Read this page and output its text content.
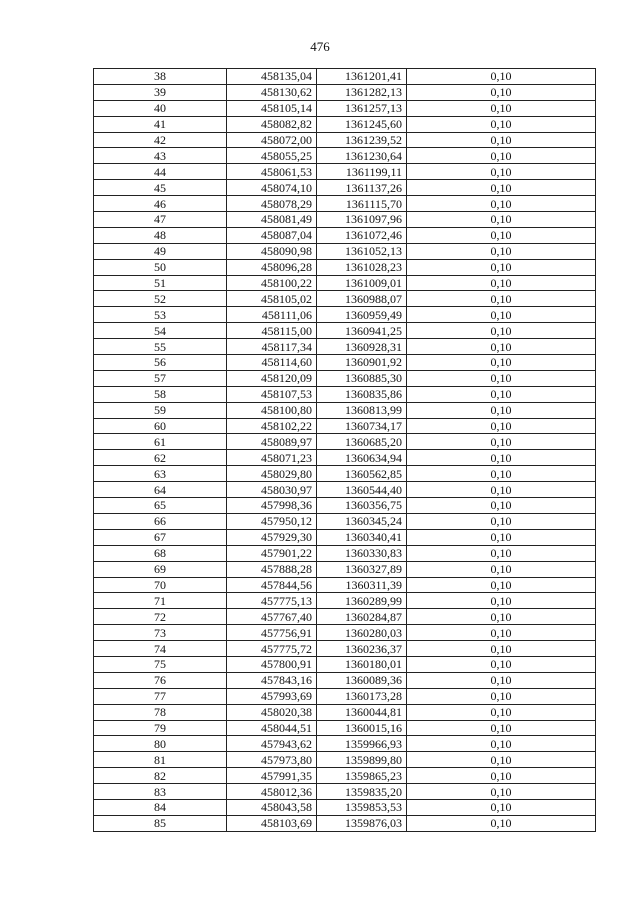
476
38	458135,04	1361201,41	0,10
39	458130,62	1361282,13	0,10
40	458105,14	1361257,13	0,10
41	458082,82	1361245,60	0,10
42	458072,00	1361239,52	0,10
43	458055,25	1361230,64	0,10
44	458061,53	1361199,11	0,10
45	458074,10	1361137,26	0,10
46	458078,29	1361115,70	0,10
47	458081,49	1361097,96	0,10
48	458087,04	1361072,46	0,10
49	458090,98	1361052,13	0,10
50	458096,28	1361028,23	0,10
51	458100,22	1361009,01	0,10
52	458105,02	1360988,07	0,10
53	458111,06	1360959,49	0,10
54	458115,00	1360941,25	0,10
55	458117,34	1360928,31	0,10
56	458114,60	1360901,92	0,10
57	458120,09	1360885,30	0,10
58	458107,53	1360835,86	0,10
59	458100,80	1360813,99	0,10
60	458102,22	1360734,17	0,10
61	458089,97	1360685,20	0,10
62	458071,23	1360634,94	0,10
63	458029,80	1360562,85	0,10
64	458030,97	1360544,40	0,10
65	457998,36	1360356,75	0,10
66	457950,12	1360345,24	0,10
67	457929,30	1360340,41	0,10
68	457901,22	1360330,83	0,10
69	457888,28	1360327,89	0,10
70	457844,56	1360311,39	0,10
71	457775,13	1360289,99	0,10
72	457767,40	1360284,87	0,10
73	457756,91	1360280,03	0,10
74	457775,72	1360236,37	0,10
75	457800,91	1360180,01	0,10
76	457843,16	1360089,36	0,10
77	457993,69	1360173,28	0,10
78	458020,38	1360044,81	0,10
79	458044,51	1360015,16	0,10
80	457943,62	1359966,93	0,10
81	457973,80	1359899,80	0,10
82	457991,35	1359865,23	0,10
83	458012,36	1359835,20	0,10
84	458043,58	1359853,53	0,10
85	458103,69	1359876,03	0,10
